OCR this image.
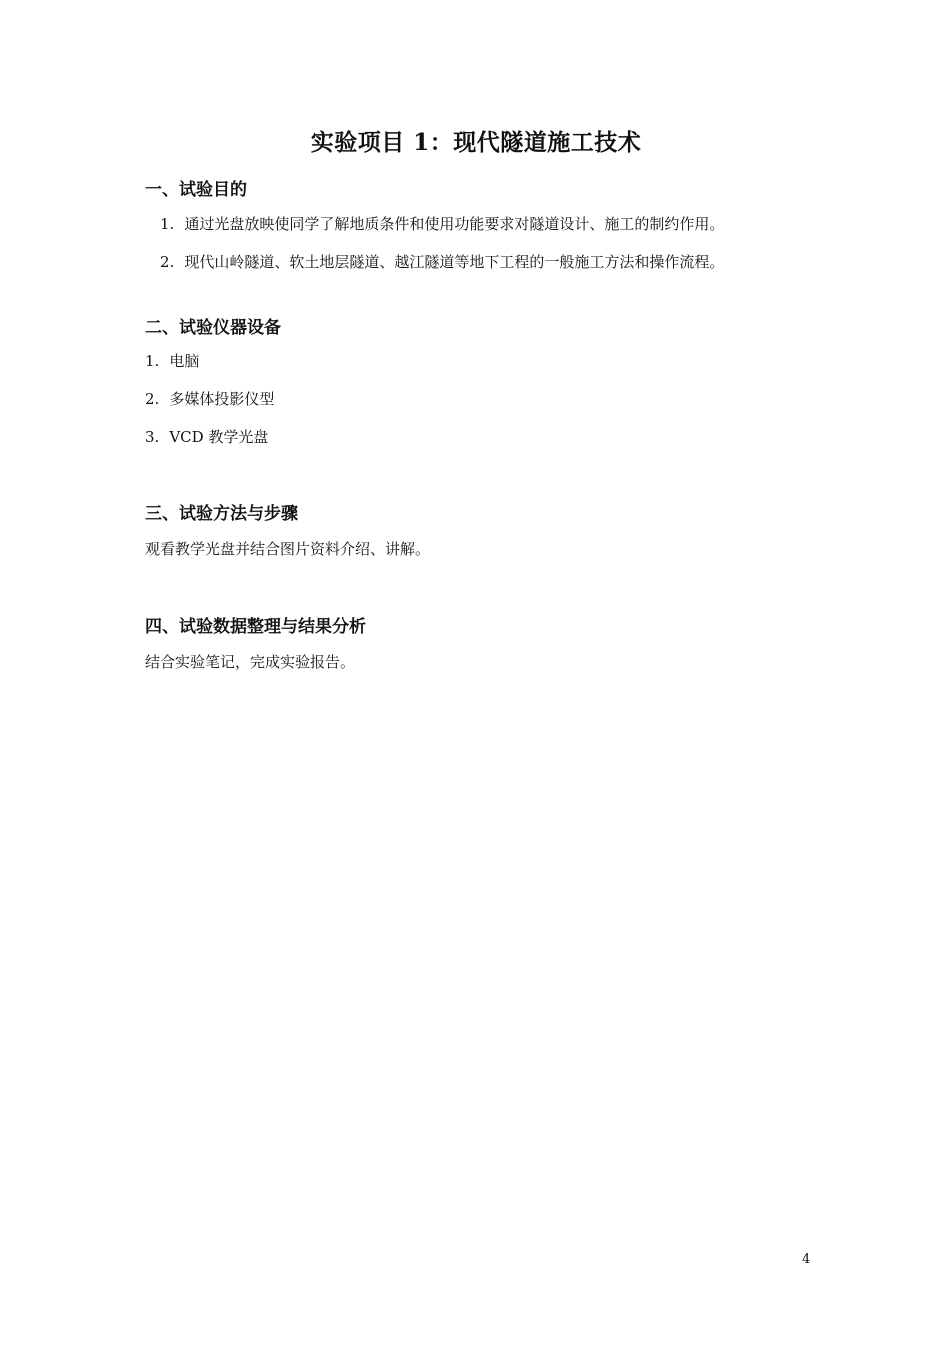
实验项目 1：现代隧道施工技术
一、试验目的
1. 通过光盘放映使同学了解地质条件和使用功能要求对隧道设计、施工的制约作用。
2. 现代山岭隧道、软土地层隧道、越江隧道等地下工程的一般施工方法和操作流程。
二、试验仪器设备
1. 电脑
2. 多媒体投影仪型
3. VCD 教学光盘
三、试验方法与步骤
观看教学光盘并结合图片资料介绍、讲解。
四、试验数据整理与结果分析
结合实验笔记，完成实验报告。
4
